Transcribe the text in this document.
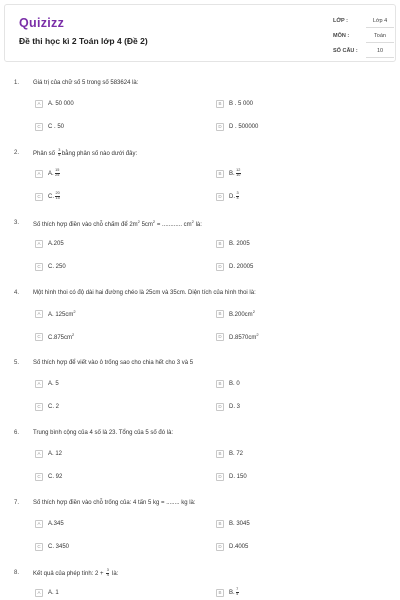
Quizizz
Đề thi học kì 2 Toán lớp 4 (Đề 2)
LỚP :	Lớp 4
MÔN :	Toán
SỐ CÂU :	10
1. Giá trị của chữ số 5 trong số 583624 là:
A	A. 50 000	B	B . 5 000
C	C . 50	D	D . 500000
2. Phân số $\frac{3}{5}$ bằng phân số nào dưới đây:
A	A. $\frac{15}{25}$	B	B. $\frac{12}{10}$
C	C. $\frac{20}{15}$	D	D. $\frac{3}{4}$
3. Số thích hợp điền vào chỗ chấm để $2m^2$ $5cm^2$ = ............ $cm^2$ là:
A	A.205	B	B. 2005
C	C. 250	D	D. 20005
4. Một hình thoi có độ dài hai đường chéo là 25cm và 35cm. Diện tích của hình thoi là:
A	A. $125cm^2$	B	$B.200cm^2$
C	$C.875cm^2$	D	$D.8570cm^2$
5. Số thích hợp để viết vào ô trống sao cho chia hết cho 3 và 5
A	A. 5	B	B. 0
C	C. 2	D	D. 3
6. Trung bình cộng của 4 số là 23. Tổng của 5 số đó là:
A	A. 12	B	B. 72
C	C. 92	D	D. 150
7. Số thích hợp điền vào chỗ trống của: 4 tấn 5 kg = ........ kg là:
A	A.345	B	B. 3045
C	C. 3450	D	D.4005
8. Kết quả của phép tính: $2 + \frac{3}{4}$ là:
A	A. 1	B	B. $\frac{7}{4}$
